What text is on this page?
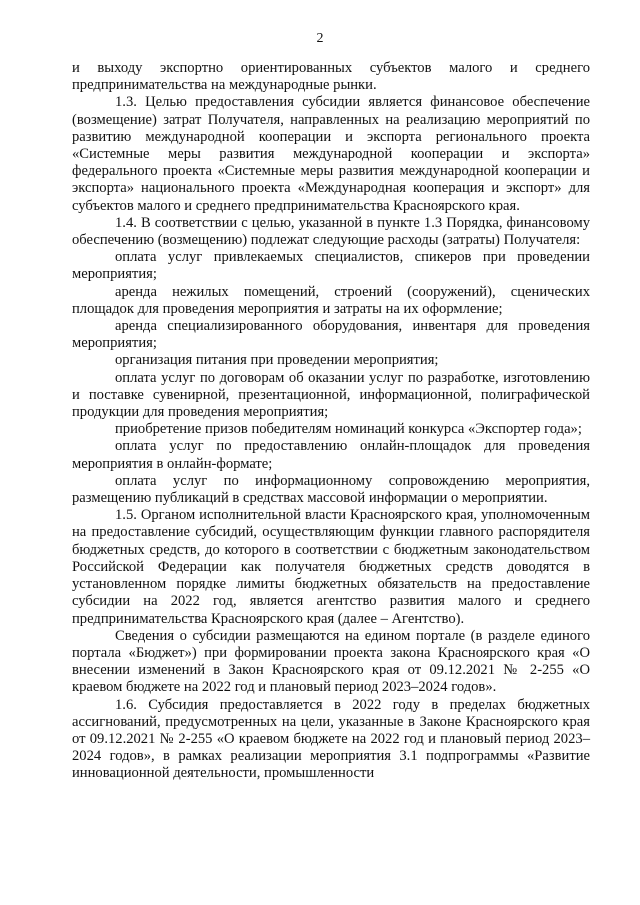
2

и выходу экспортно ориентированных субъектов малого и среднего предпринимательства на международные рынки.

1.3. Целью предоставления субсидии является финансовое обеспечение (возмещение) затрат Получателя, направленных на реализацию мероприятий по развитию международной кооперации и экспорта регионального проекта «Системные меры развития международной кооперации и экспорта» федерального проекта «Системные меры развития международной кооперации и экспорта» национального проекта «Международная кооперация и экспорт» для субъектов малого и среднего предпринимательства Красноярского края.

1.4. В соответствии с целью, указанной в пункте 1.3 Порядка, финансовому обеспечению (возмещению) подлежат следующие расходы (затраты) Получателя:

оплата услуг привлекаемых специалистов, спикеров при проведении мероприятия;

аренда нежилых помещений, строений (сооружений), сценических площадок для проведения мероприятия и затраты на их оформление;

аренда специализированного оборудования, инвентаря для проведения мероприятия;

организация питания при проведении мероприятия;

оплата услуг по договорам об оказании услуг по разработке, изготовлению и поставке сувенирной, презентационной, информационной, полиграфической продукции для проведения мероприятия;

приобретение призов победителям номинаций конкурса «Экспортер года»;

оплата услуг по предоставлению онлайн-площадок для проведения мероприятия в онлайн-формате;

оплата услуг по информационному сопровождению мероприятия, размещению публикаций в средствах массовой информации о мероприятии.

1.5. Органом исполнительной власти Красноярского края, уполномоченным на предоставление субсидий, осуществляющим функции главного распорядителя бюджетных средств, до которого в соответствии с бюджетным законодательством Российской Федерации как получателя бюджетных средств доводятся в установленном порядке лимиты бюджетных обязательств на предоставление субсидии на 2022 год, является агентство развития малого и среднего предпринимательства Красноярского края (далее – Агентство).

Сведения о субсидии размещаются на едином портале (в разделе единого портала «Бюджет») при формировании проекта закона Красноярского края «О внесении изменений в Закон Красноярского края от 09.12.2021 № 2-255 «О краевом бюджете на 2022 год и плановый период 2023–2024 годов».

1.6. Субсидия предоставляется в 2022 году в пределах бюджетных ассигнований, предусмотренных на цели, указанные в Законе Красноярского края от 09.12.2021 № 2-255 «О краевом бюджете на 2022 год и плановый период 2023–2024 годов», в рамках реализации мероприятия 3.1 подпрограммы «Развитие инновационной деятельности, промышленности
